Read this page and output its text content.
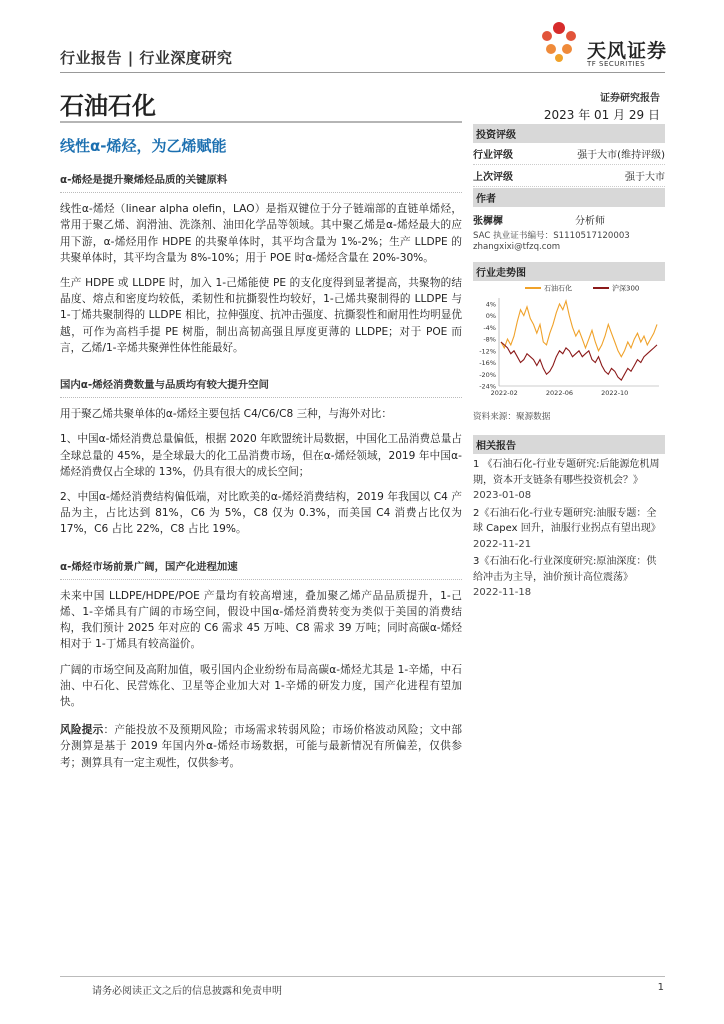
行业报告 | 行业深度研究	天风证券
TF SECURITIES
石油石化	证券研究报告
2023 年 01 月 29 日
线性α-烯烃，为乙烯赋能

α-烯烃是提升聚烯烃品质的关键原料

线性α-烯烃（linear alpha olefin，LAO）是指双键位于分子链端部的直链单烯烃，常用于聚乙烯、润滑油、洗涤剂、油田化学品等领域。其中聚乙烯是α-烯烃最大的应用下游，α-烯烃用作 HDPE 的共聚单体时，其平均含量为 1%-2%；生产 LLDPE 的共聚单体时，其平均含量为 8%-10%；用于 POE 时α-烯烃含量在 20%-30%。

生产 HDPE 或 LLDPE 时，加入 1-己烯能使 PE 的支化度得到显著提高，共聚物的结晶度、熔点和密度均较低，柔韧性和抗撕裂性均较好，1-己烯共聚制得的 LLDPE 与 1-丁烯共聚制得的 LLDPE 相比，拉伸强度、抗冲击强度、抗撕裂性和耐用性均明显优越，可作为高档手提 PE 树脂，制出高韧高强且厚度更薄的 LLDPE；对于 POE 而言，乙烯/1-辛烯共聚弹性体性能最好。

国内α-烯烃消费数量与品质均有较大提升空间

用于聚乙烯共聚单体的α-烯烃主要包括 C4/C6/C8 三种，与海外对比：

1、中国α-烯烃消费总量偏低，根据 2020 年欧盟统计局数据，中国化工品消费总量占全球总量的 45%，是全球最大的化工品消费市场，但在α-烯烃领域，2019 年中国α-烯烃消费仅占全球的 13%，仍具有很大的成长空间；

2、中国α-烯烃消费结构偏低端，对比欧美的α-烯烃消费结构，2019 年我国以 C4 产品为主，占比达到 81%，C6 为 5%，C8 仅为 0.3%，而美国 C4 消费占比仅为 17%，C6 占比 22%，C8 占比 19%。

α-烯烃市场前景广阔，国产化进程加速

未来中国 LLDPE/HDPE/POE 产量均有较高增速，叠加聚乙烯产品品质提升，1-己烯、1-辛烯具有广阔的市场空间，假设中国α-烯烃消费转变为类似于美国的消费结构，我们预计 2025 年对应的 C6 需求 45 万吨、C8 需求 39 万吨；同时高碳α-烯烃相对于 1-丁烯具有较高溢价。

广阔的市场空间及高附加值，吸引国内企业纷纷布局高碳α-烯烃尤其是 1-辛烯，中石油、中石化、民营炼化、卫星等企业加大对 1-辛烯的研发力度，国产化进程有望加快。

风险提示：产能投放不及预期风险；市场需求转弱风险；市场价格波动风险；文中部分测算是基于 2019 年国内外α-烯烃市场数据，可能与最新情况有所偏差，仅供参考；测算具有一定主观性，仅供参考。

投资评级
行业评级	强于大市(维持评级)
上次评级	强于大市
作者
张樨樨	分析师
SAC 执业证书编号：S1110517120003
zhangxixi@tfzq.com
行业走势图
4%
0%
-4%
-8%
-12%
-16%
-20%
-24%
2022-02	2022-06	2022-10
石油石化	沪深300
资料来源：聚源数据
相关报告
1 《石油石化-行业专题研究:后能源危机周期，资本开支链条有哪些投资机会？》 2023-01-08
2《石油石化-行业专题研究:油服专题：全球 Capex 回升，油服行业拐点有望出现》 2022-11-21
3《石油石化-行业深度研究:原油深度：供给冲击为主导，油价预计高位震荡》 2022-11-18
请务必阅读正文之后的信息披露和免责申明	1
